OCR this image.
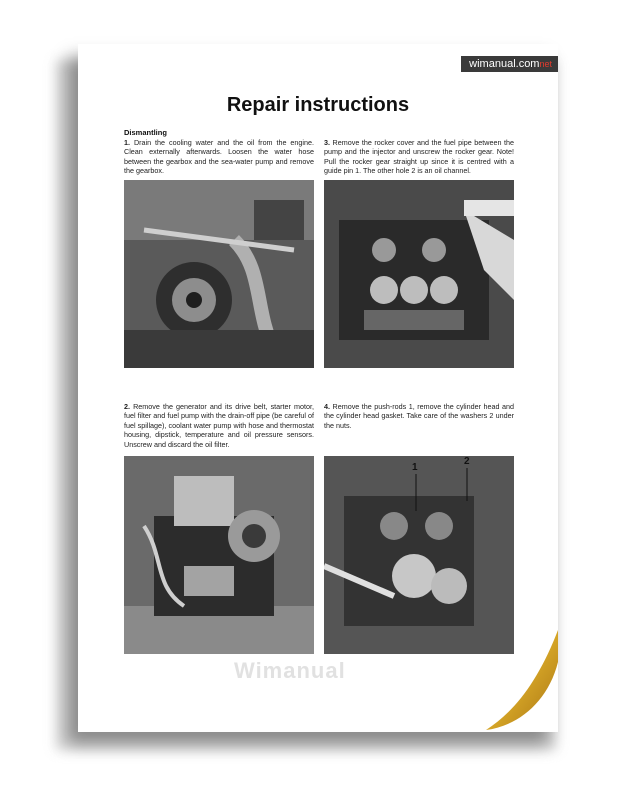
wimanual.comnet
Repair instructions
Dismantling
1. Drain the cooling water and the oil from the engine. Clean externally afterwards. Loosen the water hose between the gearbox and the sea-water pump and remove the gearbox.
3. Remove the rocker cover and the fuel pipe between the pump and the injector and unscrew the rocker gear. Note! Pull the rocker gear straight up since it is centred with a guide pin 1. The other hole 2 is an oil channel.
2. Remove the generator and its drive belt, starter motor, fuel filter and fuel pump with the drain-off pipe (be careful of fuel spillage), coolant water pump with hose and thermostat housing, dipstick, temperature and oil pressure sensors. Unscrew and discard the oil filter.
4. Remove the push-rods 1, remove the cylinder head and the cylinder head gasket. Take care of the washers 2 under the nuts.
1
2
Wimanual
